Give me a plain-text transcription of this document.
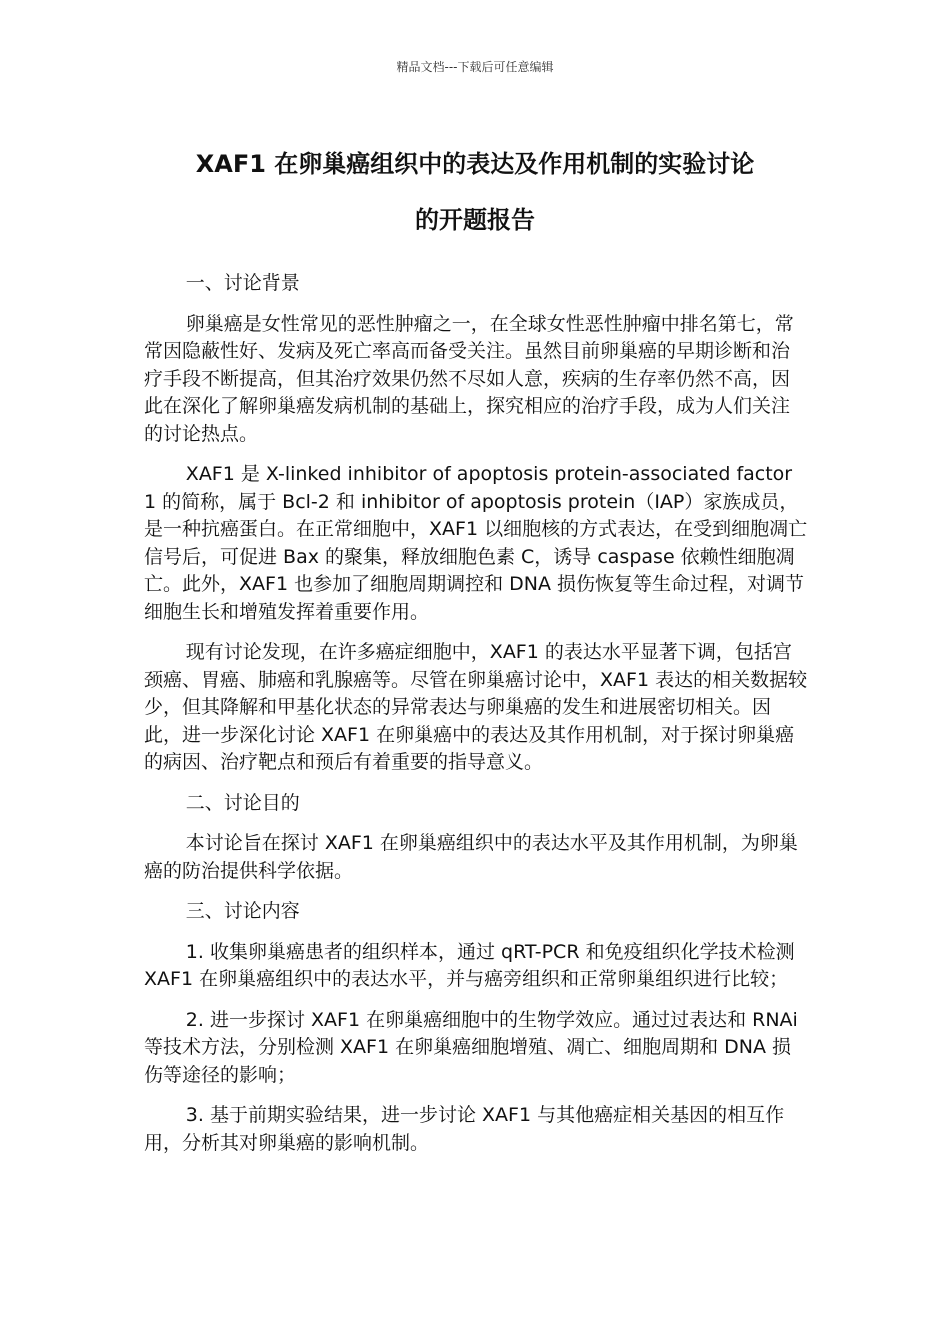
精品文档---下载后可任意编辑
XAF1 在卵巢癌组织中的表达及作用机制的实验讨论
的开题报告

一、讨论背景

卵巢癌是女性常见的恶性肿瘤之一，在全球女性恶性肿瘤中排名第七，常常因隐蔽性好、发病及死亡率高而备受关注。虽然目前卵巢癌的早期诊断和治疗手段不断提高，但其治疗效果仍然不尽如人意，疾病的生存率仍然不高，因此在深化了解卵巢癌发病机制的基础上，探究相应的治疗手段，成为人们关注的讨论热点。

XAF1 是 X-linked inhibitor of apoptosis protein-associated factor 1 的简称，属于 Bcl-2 和 inhibitor of apoptosis protein（IAP）家族成员，是一种抗癌蛋白。在正常细胞中，XAF1 以细胞核的方式表达，在受到细胞凋亡信号后，可促进 Bax 的聚集，释放细胞色素 C，诱导 caspase 依赖性细胞凋亡。此外，XAF1 也参加了细胞周期调控和 DNA 损伤恢复等生命过程，对调节细胞生长和增殖发挥着重要作用。

现有讨论发现，在许多癌症细胞中，XAF1 的表达水平显著下调，包括宫颈癌、胃癌、肺癌和乳腺癌等。尽管在卵巢癌讨论中，XAF1 表达的相关数据较少，但其降解和甲基化状态的异常表达与卵巢癌的发生和进展密切相关。因此，进一步深化讨论 XAF1 在卵巢癌中的表达及其作用机制，对于探讨卵巢癌的病因、治疗靶点和预后有着重要的指导意义。

二、讨论目的

本讨论旨在探讨 XAF1 在卵巢癌组织中的表达水平及其作用机制，为卵巢癌的防治提供科学依据。

三、讨论内容

1. 收集卵巢癌患者的组织样本，通过 qRT-PCR 和免疫组织化学技术检测 XAF1 在卵巢癌组织中的表达水平，并与癌旁组织和正常卵巢组织进行比较；

2. 进一步探讨 XAF1 在卵巢癌细胞中的生物学效应。通过过表达和 RNAi 等技术方法，分别检测 XAF1 在卵巢癌细胞增殖、凋亡、细胞周期和 DNA 损伤等途径的影响；

3. 基于前期实验结果，进一步讨论 XAF1 与其他癌症相关基因的相互作用，分析其对卵巢癌的影响机制。
